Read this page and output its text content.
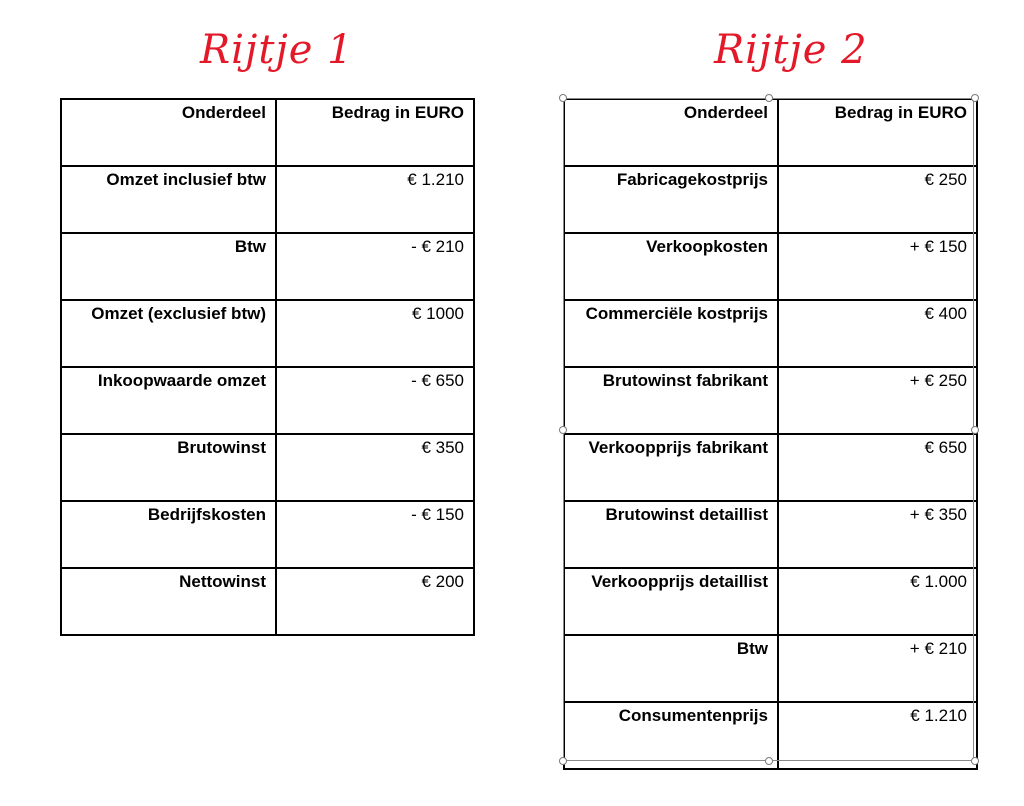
Rijtje 1	Rijtje 2
Onderdeel	Bedrag in EURO
Omzet inclusief btw	€ 1.210
Btw	- € 210
Omzet (exclusief btw)	€ 1000
Inkoopwaarde omzet	- € 650
Brutowinst	€ 350
Bedrijfskosten	- € 150
Nettowinst	€ 200
Onderdeel	Bedrag in EURO
Fabricagekostprijs	€ 250
Verkoopkosten	+ € 150
Commerciële kostprijs	€ 400
Brutowinst fabrikant	+ € 250
Verkoopprijs fabrikant	€ 650
Brutowinst detaillist	+ € 350
Verkoopprijs detaillist	€ 1.000
Btw	+ € 210
Consumentenprijs	€ 1.210
